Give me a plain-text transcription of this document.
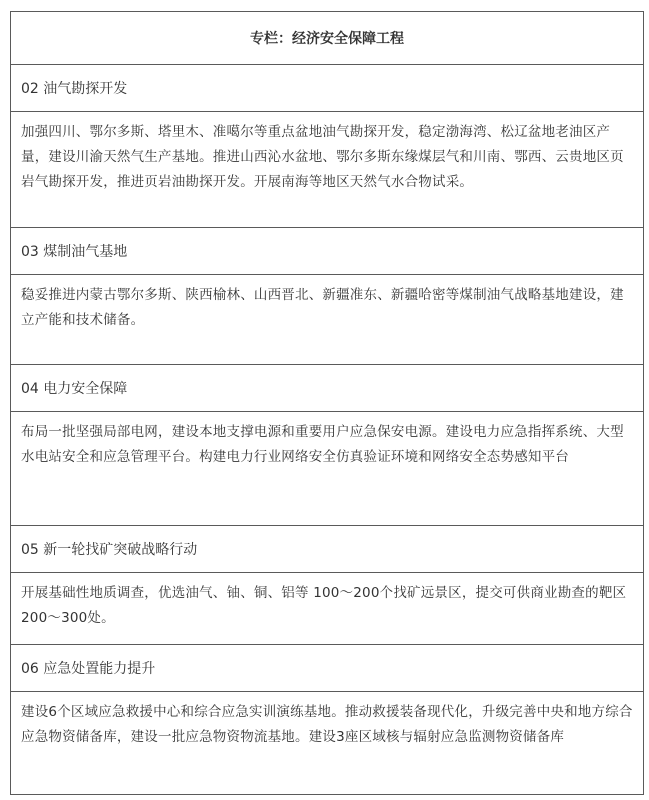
专栏：经济安全保障工程
02 油气勘探开发
加强四川、鄂尔多斯、塔里木、准噶尔等重点盆地油气勘探开发，稳定渤海湾、松辽盆地老油区产量，建设川渝天然气生产基地。推进山西沁水盆地、鄂尔多斯东缘煤层气和川南、鄂西、云贵地区页岩气勘探开发，推进页岩油勘探开发。开展南海等地区天然气水合物试采。
03 煤制油气基地
稳妥推进内蒙古鄂尔多斯、陕西榆林、山西晋北、新疆准东、新疆哈密等煤制油气战略基地建设，建立产能和技术储备。
04 电力安全保障
布局一批坚强局部电网，建设本地支撑电源和重要用户应急保安电源。建设电力应急指挥系统、大型水电站安全和应急管理平台。构建电力行业网络安全仿真验证环境和网络安全态势感知平台
05 新一轮找矿突破战略行动
开展基础性地质调查，优选油气、铀、铜、铝等 100～200个找矿远景区，提交可供商业勘查的靶区200～300处。
06 应急处置能力提升
建设6个区域应急救援中心和综合应急实训演练基地。推动救援装备现代化，升级完善中央和地方综合应急物资储备库，建设一批应急物资物流基地。建设3座区域核与辐射应急监测物资储备库
